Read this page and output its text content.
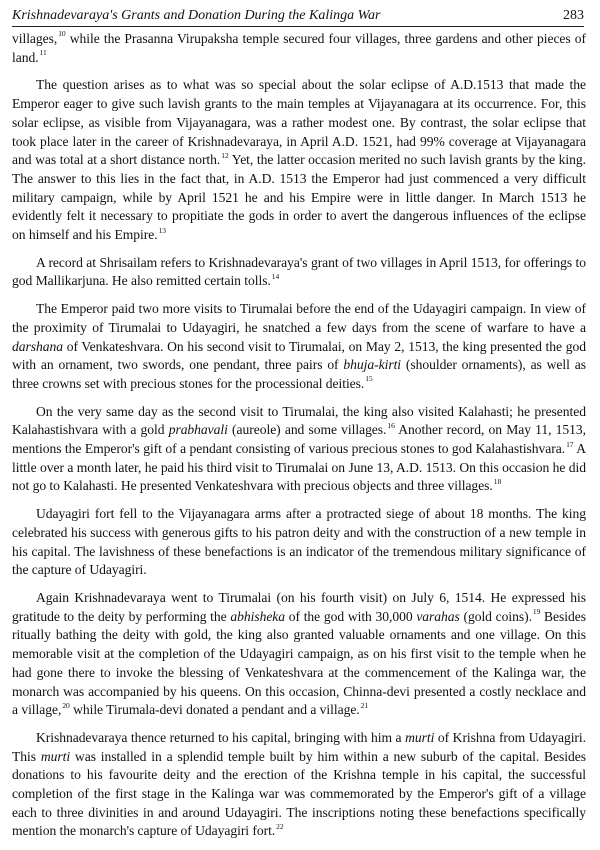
Krishnadevaraya's Grants and Donation During the Kalinga War	283

villages,$^{10}$ while the Prasanna Virupaksha temple secured four villages, three gardens and other pieces of land.$^{11}$

The question arises as to what was so special about the solar eclipse of A.D.1513 that made the Emperor eager to give such lavish grants to the main temples at Vijayanagara at its occurrence. For, this solar eclipse, as visible from Vijayanagara, was a rather modest one. By contrast, the solar eclipse that took place later in the career of Krishnadevaraya, in April A.D. 1521, had 99% coverage at Vijayanagara and was total at a short distance north.$^{12}$ Yet, the latter occasion merited no such lavish grants by the king. The answer to this lies in the fact that, in A.D. 1513 the Emperor had just commenced a very difficult military campaign, while by April 1521 he and his Empire were in little danger. In March 1513 he evidently felt it necessary to propitiate the gods in order to avert the dangerous influences of the eclipse on himself and his Empire.$^{13}$

A record at Shrisailam refers to Krishnadevaraya's grant of two villages in April 1513, for offerings to god Mallikarjuna. He also remitted certain tolls.$^{14}$

The Emperor paid two more visits to Tirumalai before the end of the Udayagiri campaign. In view of the proximity of Tirumalai to Udayagiri, he snatched a few days from the scene of warfare to have a darshana of Venkateshvara. On his second visit to Tirumalai, on May 2, 1513, the king presented the god with an ornament, two swords, one pendant, three pairs of bhuja-kirti (shoulder ornaments), as well as three crowns set with precious stones for the processional deities.$^{15}$

On the very same day as the second visit to Tirumalai, the king also visited Kalahasti; he presented Kalahastishvara with a gold prabhavali (aureole) and some villages.$^{16}$ Another record, on May 11, 1513, mentions the Emperor's gift of a pendant consisting of various precious stones to god Kalahastishvara.$^{17}$ A little over a month later, he paid his third visit to Tirumalai on June 13, A.D. 1513. On this occasion he did not go to Kalahasti. He presented Venkateshvara with precious objects and three villages.$^{18}$

Udayagiri fort fell to the Vijayanagara arms after a protracted siege of about 18 months. The king celebrated his success with generous gifts to his patron deity and with the construction of a new temple in his capital. The lavishness of these benefactions is an indicator of the tremendous military significance of the capture of Udayagiri.

Again Krishnadevaraya went to Tirumalai (on his fourth visit) on July 6, 1514. He expressed his gratitude to the deity by performing the abhisheka of the god with 30,000 varahas (gold coins).$^{19}$ Besides ritually bathing the deity with gold, the king also granted valuable ornaments and one village. On this memorable visit at the completion of the Udayagiri campaign, as on his first visit to the temple when he had gone there to invoke the blessing of Venkateshvara at the commencement of the Kalinga war, the monarch was accompanied by his queens. On this occasion, Chinna-devi presented a costly necklace and a village,$^{20}$ while Tirumala-devi donated a pendant and a village.$^{21}$

Krishnadevaraya thence returned to his capital, bringing with him a murti of Krishna from Udayagiri. This murti was installed in a splendid temple built by him within a new suburb of the capital. Besides donations to his favourite deity and the erection of the Krishna temple in his capital, the successful completion of the first stage in the Kalinga war was commemorated by the Emperor's gift of a village each to three divinities in and around Udayagiri. The inscriptions noting these benefactions specifically mention the monarch's capture of Udayagiri fort.$^{22}$
